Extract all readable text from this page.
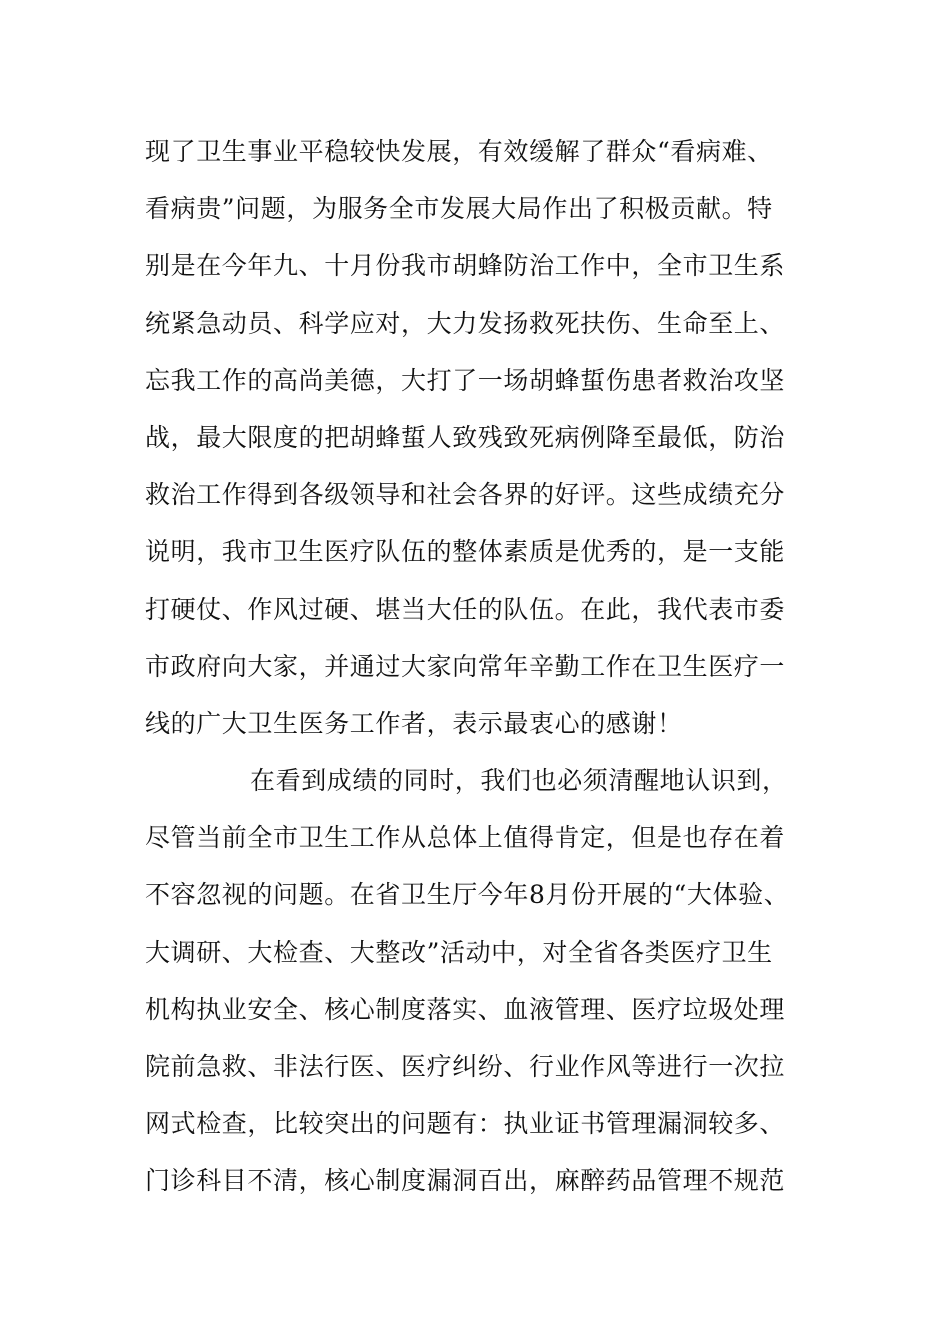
现了卫生事业平稳较快发展，有效缓解了群众“看病难、
看病贵”问题，为服务全市发展大局作出了积极贡献。特
别是在今年九、十月份我市胡蜂防治工作中，全市卫生系
统紧急动员、科学应对，大力发扬救死扶伤、生命至上、
忘我工作的高尚美德，大打了一场胡蜂蜇伤患者救治攻坚
战，最大限度的把胡蜂蜇人致残致死病例降至最低，防治
救治工作得到各级领导和社会各界的好评。这些成绩充分
说明，我市卫生医疗队伍的整体素质是优秀的，是一支能
打硬仗、作风过硬、堪当大任的队伍。在此，我代表市委
市政府向大家，并通过大家向常年辛勤工作在卫生医疗一
线的广大卫生医务工作者，表示最衷心的感谢！
在看到成绩的同时，我们也必须清醒地认识到，
尽管当前全市卫生工作从总体上值得肯定，但是也存在着
不容忽视的问题。在省卫生厅今年8月份开展的“大体验、
大调研、大检查、大整改”活动中，对全省各类医疗卫生
机构执业安全、核心制度落实、血液管理、医疗垃圾处理
院前急救、非法行医、医疗纠纷、行业作风等进行一次拉
网式检查，比较突出的问题有：执业证书管理漏洞较多、
门诊科目不清，核心制度漏洞百出，麻醉药品管理不规范
